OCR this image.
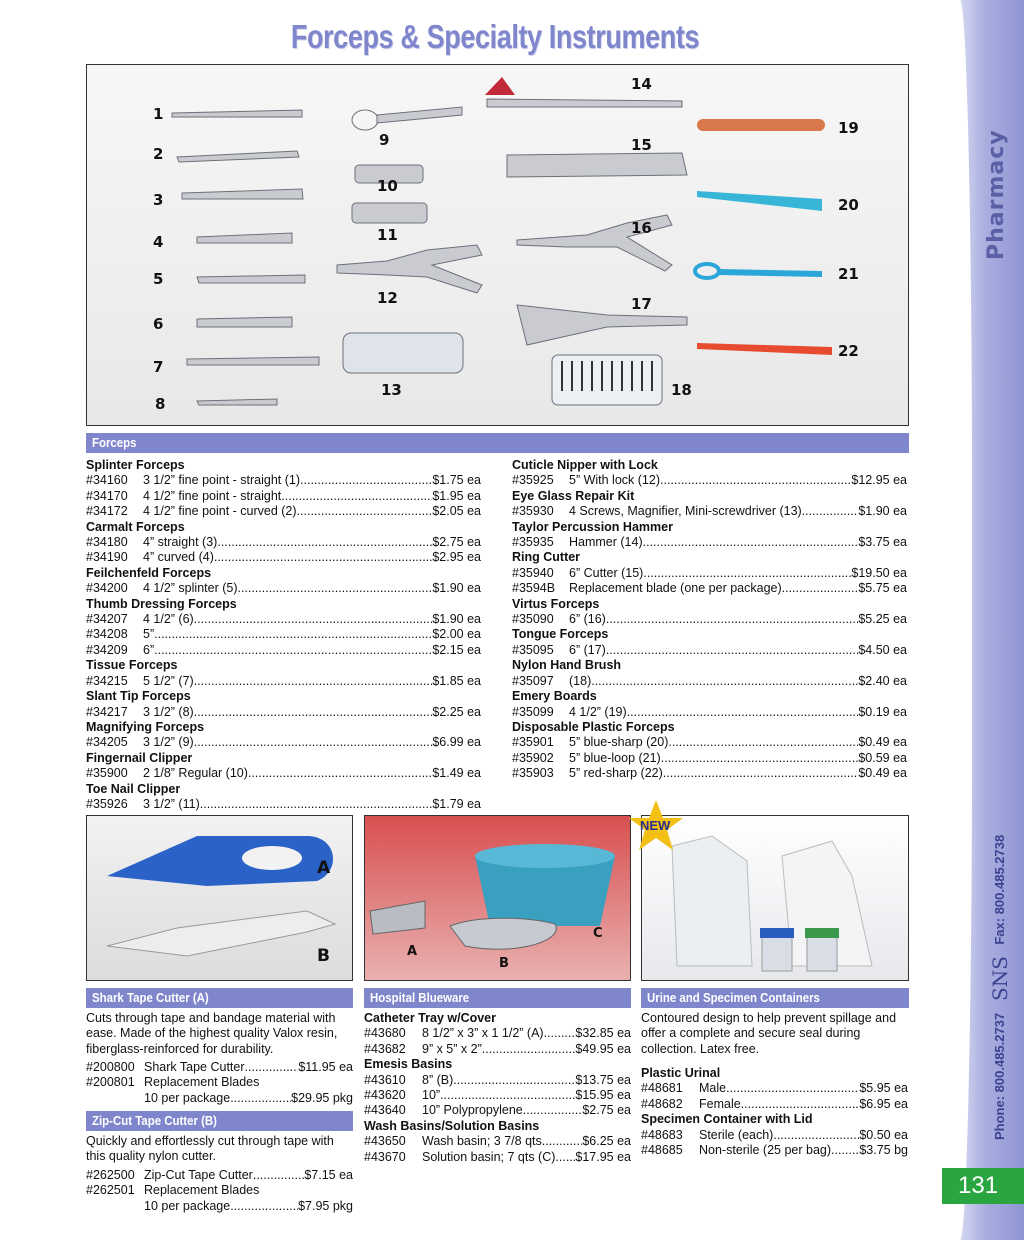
Pharmacy
Phone: 800.485.2737 SNS Fax: 800.485.2738
131
Forceps & Specialty Instruments
1
2
3
4
5
6
7
8
9
10
11
12
13
14
15
16
17
18
19
20
21
22
Forceps
Splinter Forceps
#34160	3 1/2” fine point - straight (1) .....	$1.75 ea
#34170	4 1/2” fine point - straight .....	$1.95 ea
#34172	4 1/2” fine point - curved (2) .....	$2.05 ea
Carmalt Forceps
#34180	4” straight (3) .....	$2.75 ea
#34190	4” curved (4) .....	$2.95 ea
Feilchenfeld Forceps
#34200	4 1/2” splinter (5) .....	$1.90 ea
Thumb Dressing Forceps
#34207	4 1/2” (6) .....	$1.90 ea
#34208	5” .....	$2.00 ea
#34209	6” .....	$2.15 ea
Tissue Forceps
#34215	5 1/2” (7) .....	$1.85 ea
Slant Tip Forceps
#34217	3 1/2” (8) .....	$2.25 ea
Magnifying Forceps
#34205	3 1/2” (9) .....	$6.99 ea
Fingernail Clipper
#35900	2 1/8” Regular (10) .....	$1.49 ea
Toe Nail Clipper
#35926	3 1/2” (11) .....	$1.79 ea
Cuticle Nipper with Lock
#35925	5” With lock (12) .....	$12.95 ea
Eye Glass Repair Kit
#35930	4 Screws, Magnifier, Mini-screwdriver (13) .....	$1.90 ea
Taylor Percussion Hammer
#35935	Hammer (14) .....	$3.75 ea
Ring Cutter
#35940	6” Cutter (15) .....	$19.50 ea
#3594B	Replacement blade (one per package) .....	$5.75 ea
Virtus Forceps
#35090	6” (16) .....	$5.25 ea
Tongue Forceps
#35095	6” (17) .....	$4.50 ea
Nylon Hand Brush
#35097	(18) .....	$2.40 ea
Emery Boards
#35099	4 1/2” (19) .....	$0.19 ea
Disposable Plastic Forceps
#35901	5” blue-sharp (20) .....	$0.49 ea
#35902	5” blue-loop (21) .....	$0.59 ea
#35903	5” red-sharp (22) .....	$0.49 ea
A
B	A
B
C
NEW
Shark Tape Cutter (A)
Cuts through tape and bandage material with ease. Made of the highest quality Valox resin, fiberglass-reinforced for durability.
#200800 Shark Tape Cutter .....	$11.95 ea
#200801 Replacement Blades
10 per package .....	$29.95 pkg
Zip-Cut Tape Cutter (B)
Quickly and effortlessly cut through tape with this quality nylon cutter.
#262500 Zip-Cut Tape Cutter .....	$7.15 ea
#262501 Replacement Blades
10 per package .....	$7.95 pkg
Hospital Blueware
Catheter Tray w/Cover
#43680	8 1/2” x 3” x 1 1/2” (A) .....	$32.85 ea
#43682	9” x 5” x 2” .....	$49.95 ea
Emesis Basins
#43610	8” (B) .....	$13.75 ea
#43620	10” .....	$15.95 ea
#43640	10” Polypropylene .....	$2.75 ea
Wash Basins/Solution Basins
#43650	Wash basin; 3 7/8 qts .....	$6.25 ea
#43670	Solution basin; 7 qts (C) ..... $17.95 ea
Urine and Specimen Containers
Contoured design to help prevent spillage and offer a complete and secure seal during collection. Latex free.
Plastic Urinal
#48681	Male .....	$5.95 ea
#48682	Female .....	$6.95 ea
Specimen Container with Lid
#48683	Sterile (each) .....	$0.50 ea
#48685	Non-sterile (25 per bag) ..... $3.75 bg
